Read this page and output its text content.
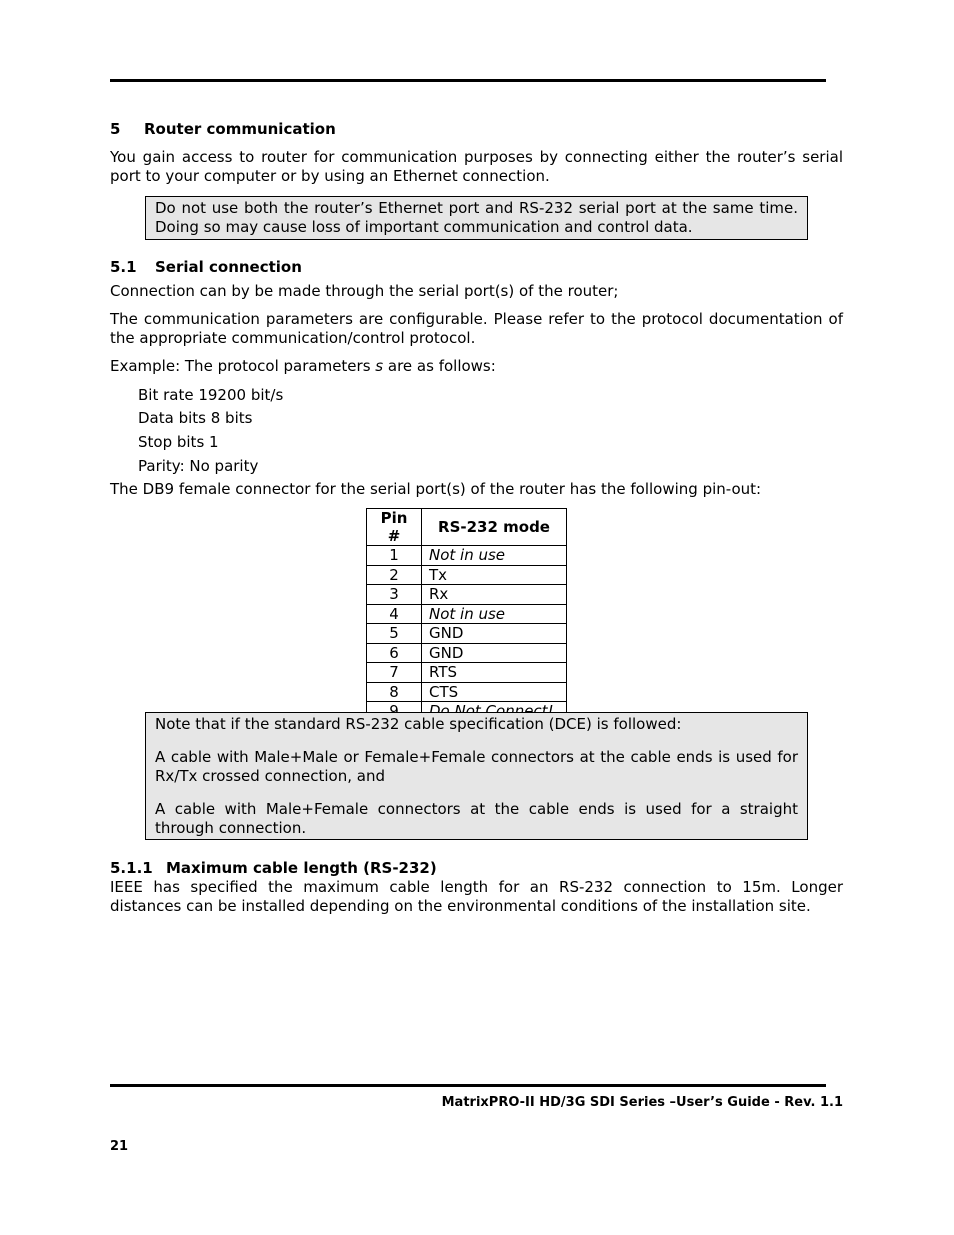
5 Router communication
You gain access to router for communication purposes by connecting either the router’s serial port to your computer or by using an Ethernet connection.

Do not use both the router’s Ethernet port and RS-232 serial port at the same time. Doing so may cause loss of important communication and control data.

5.1 Serial connection
Connection can by be made through the serial port(s) of the router;
The communication parameters are configurable. Please refer to the protocol documentation of the appropriate communication/control protocol.
Example: The protocol parameters s are as follows:
Bit rate 19200 bit/s
Data bits 8 bits
Stop bits 1
Parity: No parity
The DB9 female connector for the serial port(s) of the router has the following pin-out:
Pin #	RS-232 mode
1	Not in use
2	Tx
3	Rx
4	Not in use
5	GND
6	GND
7	RTS
8	CTS

Note that if the standard RS-232 cable specification (DCE) is followed:

A cable with Male+Male or Female+Female connectors at the cable ends is used for Rx/Tx crossed connection, and

A cable with Male+Female connectors at the cable ends is used for a straight through connection.

5.1.1 Maximum cable length (RS-232)
IEEE has specified the maximum cable length for an RS-232 connection to 15m. Longer distances can be installed depending on the environmental conditions of the installation site.
MatrixPRO-II HD/3G SDI Series –User’s Guide - Rev. 1.1
21
